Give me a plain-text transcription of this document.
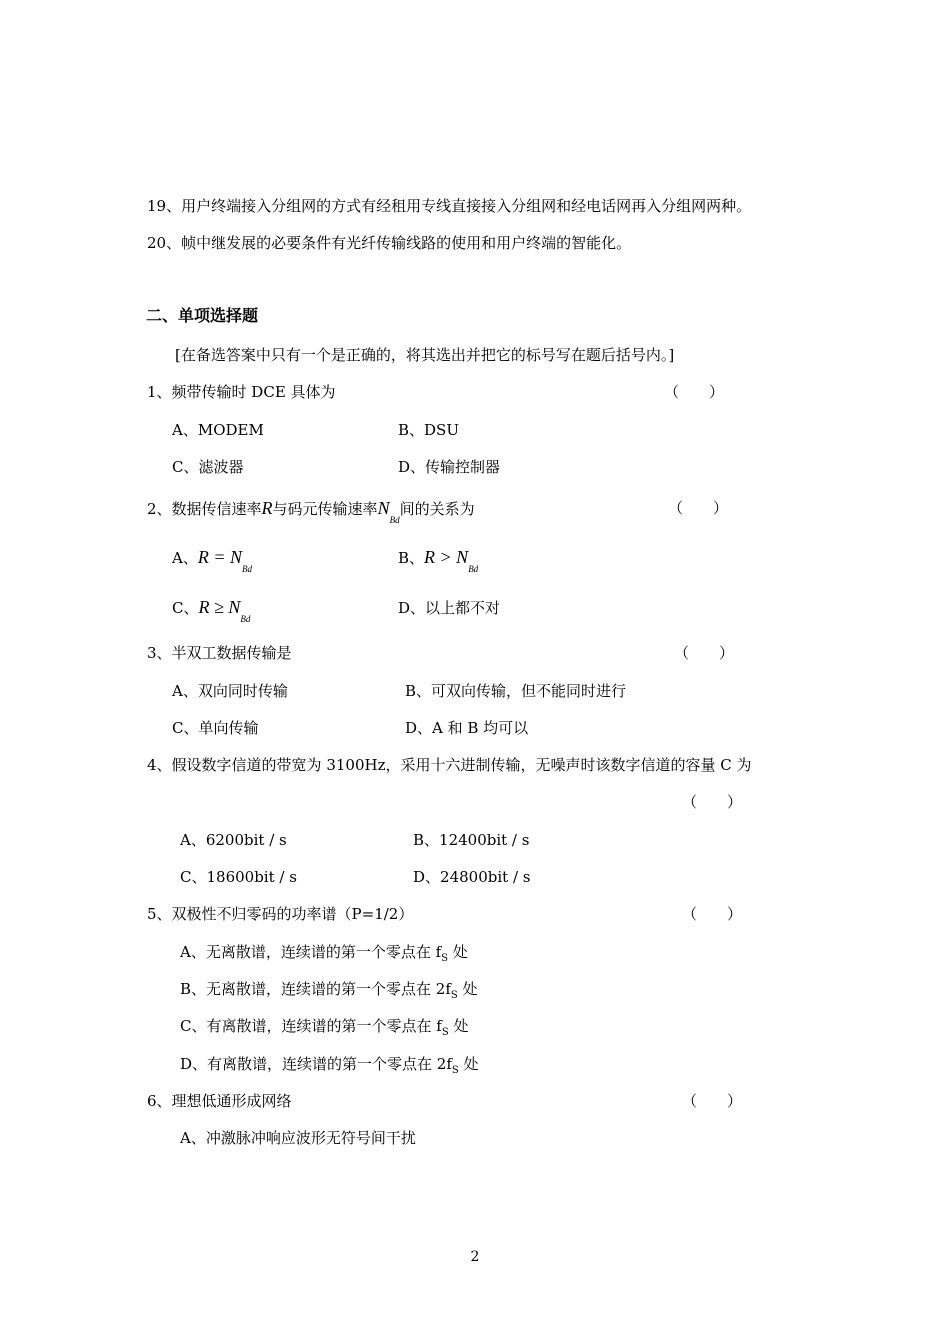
19、用户终端接入分组网的方式有经租用专线直接接入分组网和经电话网再入分组网两种。
20、帧中继发展的必要条件有光纤传输线路的使用和用户终端的智能化。
二、单项选择题
[在备选答案中只有一个是正确的，将其选出并把它的标号写在题后括号内。]
1、频带传输时 DCE 具体为	（　　）
A、MODEM	B、DSU
C、滤波器	D、传输控制器
2、数据传信速率R与码元传输速率$N_{Bd}$间的关系为	（　　）
A、$R = N_{Bd}$
B、$R > N_{Bd}$
C、$R \ge N_{Bd}$
D、以上都不对
3、半双工数据传输是	（　　）
A、双向同时传输	B、可双向传输，但不能同时进行
C、单向传输	D、A 和 B 均可以
4、假设数字信道的带宽为 3100Hz，采用十六进制传输，无噪声时该数字信道的容量 C 为
（　　）
A、6200bit / s	B、12400bit / s
C、18600bit / s	D、24800bit / s
5、双极性不归零码的功率谱（P=1/2）	（　　）
A、无离散谱，连续谱的第一个零点在 $f_S$ 处
B、无离散谱，连续谱的第一个零点在 $2f_S$ 处
C、有离散谱，连续谱的第一个零点在 $f_S$ 处
D、有离散谱，连续谱的第一个零点在 $2f_S$ 处
6、理想低通形成网络	（　　）
A、冲激脉冲响应波形无符号间干扰
2
